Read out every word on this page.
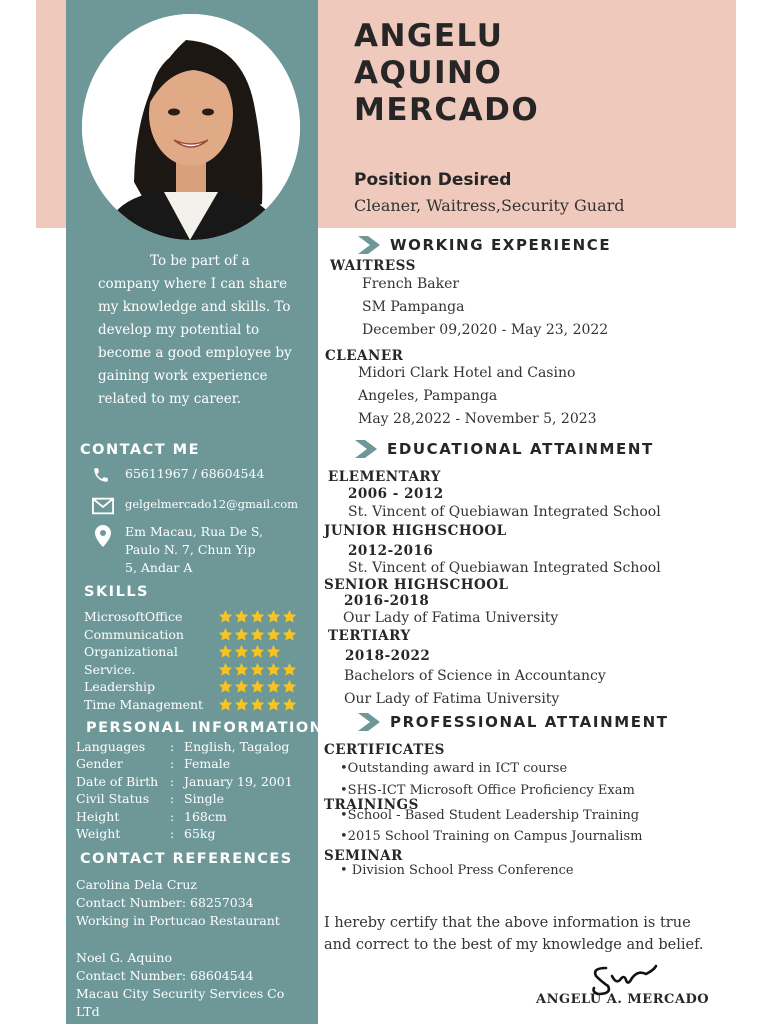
ANGELU
AQUINO
MERCADO
Position Desired
Cleaner, Waitress,Security Guard
To be part of a company where I can share my knowledge and skills. To develop my potential to become a good employee by gaining work experience related to my career.
CONTACT ME
65611967 / 68604544
gelgelmercado12@gmail.com
Em Macau, Rua De S,
Paulo N. 7, Chun Yip
5, Andar A
SKILLS
MicrosoftOffice
Communication
Organizational
Service.
Leadership
Time Management
PERSONAL INFORMATION
Languages	: English, Tagalog
Gender	: Female
Date of Birth : January 19, 2001
Civil Status	: Single
Height	: 168cm
Weight	: 65kg
CONTACT REFERENCES
Carolina Dela Cruz
Contact Number: 68257034
Working in Portucao Restaurant
Noel G. Aquino
Contact Number: 68604544
Macau City Security Services Co
LTd
WORKING EXPERIENCE
WAITRESS
French Baker
SM Pampanga
December 09,2020 - May 23, 2022
CLEANER
Midori Clark Hotel and Casino
Angeles, Pampanga
May 28,2022 - November 5, 2023
EDUCATIONAL ATTAINMENT
ELEMENTARY
2006 - 2012
St. Vincent of Quebiawan Integrated School
JUNIOR HIGHSCHOOL
2012-2016
St. Vincent of Quebiawan Integrated School
SENIOR HIGHSCHOOL
2016-2018
Our Lady of Fatima University
TERTIARY
2018-2022
Bachelors of Science in Accountancy
Our Lady of Fatima University
PROFESSIONAL ATTAINMENT
CERTIFICATES
•Outstanding award in ICT course
•SHS-ICT Microsoft Office Proficiency Exam
TRAININGS
•School - Based Student Leadership Training
•2015 School Training on Campus Journalism
SEMINAR
• Division School Press Conference
I hereby certify that the above information is true
and correct to the best of my knowledge and belief.
ANGELU A. MERCADO
